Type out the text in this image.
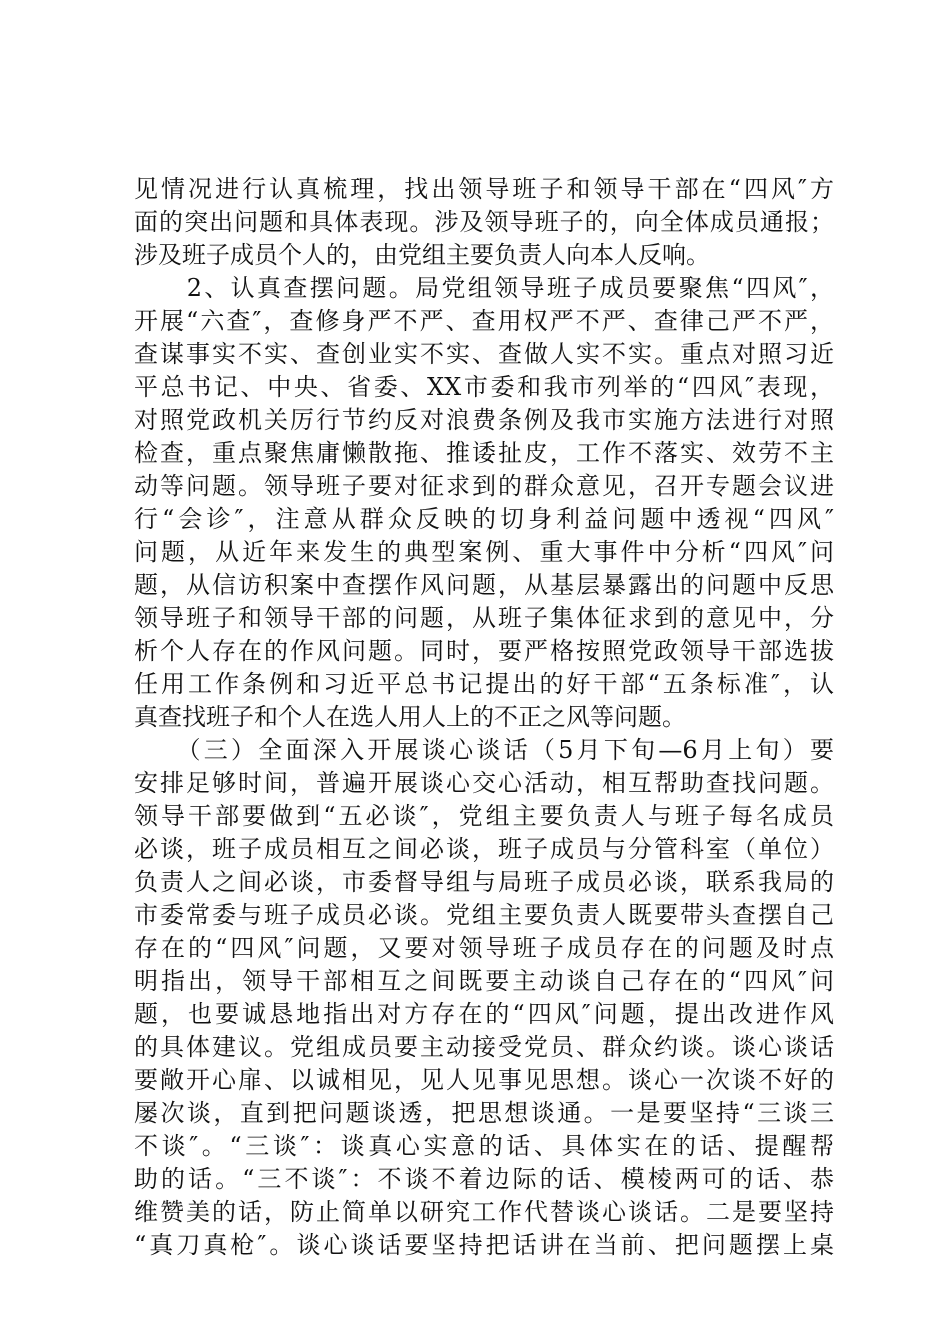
见情况进行认真梳理，找出领导班子和领导干部在“四风″方
面的突出问题和具体表现。涉及领导班子的，向全体成员通报；
涉及班子成员个人的，由党组主要负责人向本人反响。
　　2、认真查摆问题。局党组领导班子成员要聚焦“四风″，
开展“六查″，查修身严不严、查用权严不严、查律己严不严，
查谋事实不实、查创业实不实、查做人实不实。重点对照习近
平总书记、中央、省委、XX市委和我市列举的“四风″表现，
对照党政机关厉行节约反对浪费条例及我市实施方法进行对照
检查，重点聚焦庸懒散拖、推诿扯皮，工作不落实、效劳不主
动等问题。领导班子要对征求到的群众意见，召开专题会议进
行“会诊″，注意从群众反映的切身利益问题中透视“四风″
问题，从近年来发生的典型案例、重大事件中分析“四风″问
题，从信访积案中查摆作风问题，从基层暴露出的问题中反思
领导班子和领导干部的问题，从班子集体征求到的意见中，分
析个人存在的作风问题。同时，要严格按照党政领导干部选拔
任用工作条例和习近平总书记提出的好干部“五条标准″，认
真查找班子和个人在选人用人上的不正之风等问题。
　　（三）全面深入开展谈心谈话（5月下旬—6月上旬）要
安排足够时间，普遍开展谈心交心活动，相互帮助查找问题。
领导干部要做到“五必谈″，党组主要负责人与班子每名成员
必谈，班子成员相互之间必谈，班子成员与分管科室（单位）
负责人之间必谈，市委督导组与局班子成员必谈，联系我局的
市委常委与班子成员必谈。党组主要负责人既要带头查摆自己
存在的“四风″问题，又要对领导班子成员存在的问题及时点
明指出，领导干部相互之间既要主动谈自己存在的“四风″问
题，也要诚恳地指出对方存在的“四风″问题，提出改进作风
的具体建议。党组成员要主动接受党员、群众约谈。谈心谈话
要敞开心扉、以诚相见，见人见事见思想。谈心一次谈不好的
屡次谈，直到把问题谈透，把思想谈通。一是要坚持“三谈三
不谈″。“三谈″：谈真心实意的话、具体实在的话、提醒帮
助的话。“三不谈″：不谈不着边际的话、模棱两可的话、恭
维赞美的话，防止简单以研究工作代替谈心谈话。二是要坚持
“真刀真枪″。谈心谈话要坚持把话讲在当前、把问题摆上桌
